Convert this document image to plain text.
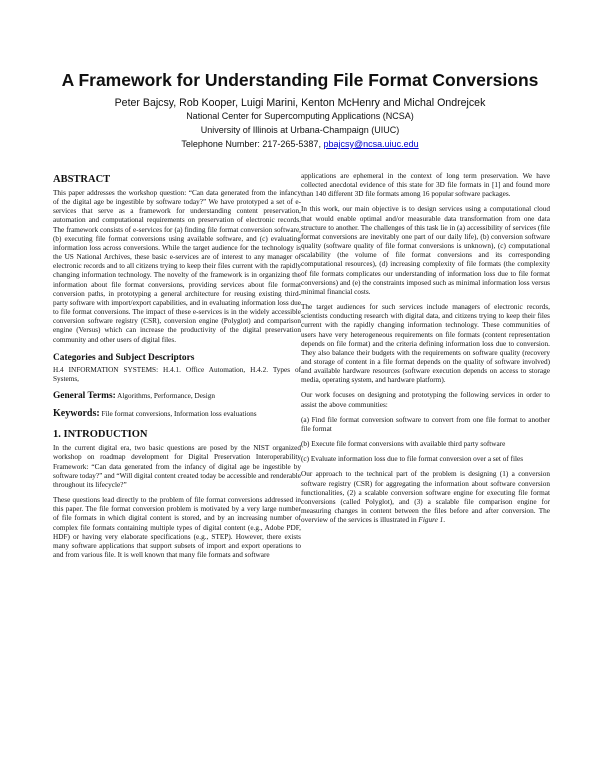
A Framework for Understanding File Format Conversions
Peter Bajcsy, Rob Kooper, Luigi Marini, Kenton McHenry and Michal Ondrejcek
National Center for Supercomputing Applications (NCSA)
University of Illinois at Urbana-Champaign (UIUC)
Telephone Number: 217-265-5387, pbajcsy@ncsa.uiuc.edu
ABSTRACT

This paper addresses the workshop question: “Can data generated from the infancy of the digital age be ingestible by software today?” We have prototyped a set of e-services that serve as a framework for understanding content preservation, automation and computational requirements on preservation of electronic records. The framework consists of e-services for (a) finding file format conversion software, (b) executing file format conversions using available software, and (c) evaluating information loss across conversions. While the target audience for the technology is the US National Archives, these basic e-services are of interest to any manager of electronic records and to all citizens trying to keep their files current with the rapidly changing information technology. The novelty of the framework is in organizing the information about file format conversions, providing services about file format conversion paths, in prototyping a general architecture for reusing existing third-party software with import/export capabilities, and in evaluating information loss due to file format conversions. The impact of these e-services is in the widely accessible conversion software registry (CSR), conversion engine (Polyglot) and comparison engine (Versus) which can increase the productivity of the digital preservation community and other users of digital files.

Categories and Subject Descriptors

H.4 INFORMATION SYSTEMS: H.4.1. Office Automation, H.4.2. Types of Systems,

General Terms: Algorithms, Performance, Design

Keywords: File format conversions, Information loss evaluations

1. INTRODUCTION

In the current digital era, two basic questions are posed by the NIST organized workshop on roadmap development for Digital Preservation Interoperability Framework: “Can data generated from the infancy of digital age be ingestible by software today?” and “Will digital content created today be accessible and renderable throughout its lifecycle?”

These questions lead directly to the problem of file format conversions addressed in this paper. The file format conversion problem is motivated by a very large number of file formats in which digital content is stored, and by an increasing number of complex file formats containing multiple types of digital content (e.g., Adobe PDF, HDF) or having very elaborate specifications (e.g., STEP). However, there exists many software applications that support subsets of import and export operations to and from various file. It is well known that many file formats and software

applications are ephemeral in the context of long term preservation. We have collected anecdotal evidence of this state for 3D file formats in [1] and found more than 140 different 3D file formats among 16 popular software packages.

In this work, our main objective is to design services using a computational cloud that would enable optimal and/or measurable data transformation from one data structure to another. The challenges of this task lie in (a) accessibility of services (file format conversions are inevitably one part of our daily life), (b) conversion software quality (software quality of file format conversions is unknown), (c) computational scalability (the volume of file format conversions and its corresponding computational resources), (d) increasing complexity of file formats (the complexity of file formats complicates our understanding of information loss due to file format conversions) and (e) the constraints imposed such as minimal information loss versus minimal financial costs.

The target audiences for such services include managers of electronic records, scientists conducting research with digital data, and citizens trying to keep their files current with the rapidly changing information technology. These communities of users have very heterogeneous requirements on file formats (content representation depends on file format) and the criteria defining information loss due to conversion. They also balance their budgets with the requirements on software quality (recovery and storage of content in a file format depends on the quality of software involved) and available hardware resources (software execution depends on access to storage media, operating system, and hardware platform).

Our work focuses on designing and prototyping the following services in order to assist the above communities:

(a) Find file format conversion software to convert from one file format to another file format

(b) Execute file format conversions with available third party software

(c) Evaluate information loss due to file format conversion over a set of files

Our approach to the technical part of the problem is designing (1) a conversion software registry (CSR) for aggregating the information about software conversion functionalities, (2) a scalable conversion software engine for executing file format conversions (called Polyglot), and (3) a scalable file comparison engine for measuring changes in content between the files before and after conversion. The overview of the services is illustrated in Figure 1.
